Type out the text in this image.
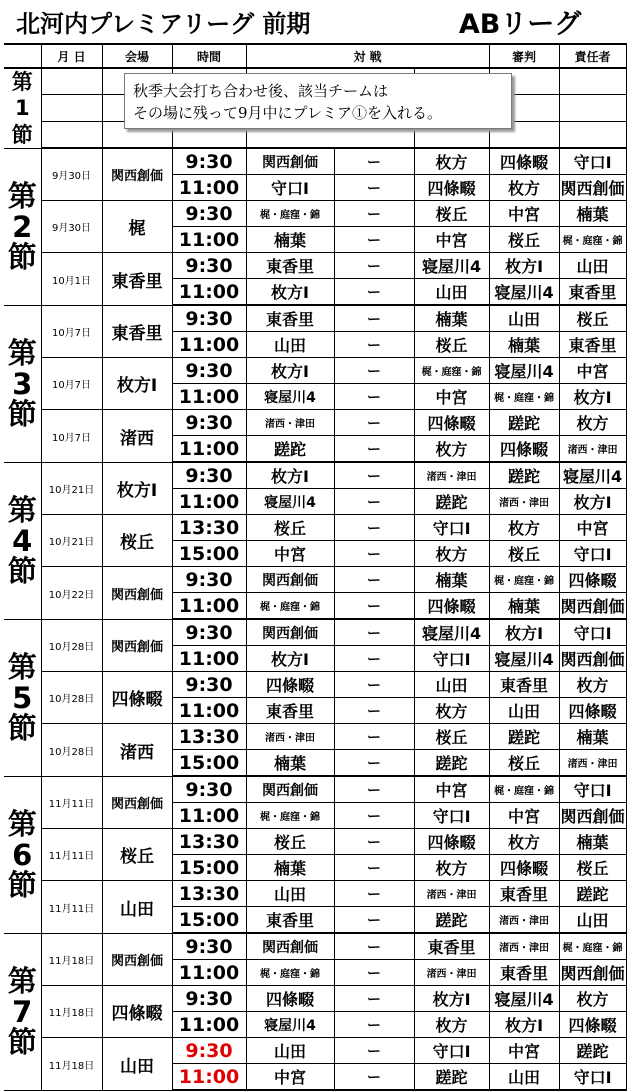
北河内プレミアリーグ 前期						ABリーグ		
	月 日	会場	時間	対 戦			審判	責任者
第
1
節								

第
2
節	9月30日	関西創価	9:30	関西創価	ー	枚方	四條畷	守口Ⅰ
			11:00	守口Ⅰ	ー	四條畷	枚方	関西創価
	9月30日	梶	9:30	梶・庭窪・錦	ー	桜丘	中宮	楠葉
			11:00	楠葉	ー	中宮	桜丘	梶・庭窪・錦
	10月1日	東香里	9:30	東香里	ー	寝屋川4	枚方Ⅰ	山田
			11:00	枚方Ⅰ	ー	山田	寝屋川4	東香里
第
3
節	10月7日	東香里	9:30	東香里	ー	楠葉	山田	桜丘
			11:00	山田	ー	桜丘	楠葉	東香里
	10月7日	枚方Ⅰ	9:30	枚方Ⅰ	ー	梶・庭窪・錦	寝屋川4	中宮
			11:00	寝屋川4	ー	中宮	梶・庭窪・錦	枚方Ⅰ
	10月7日	渚西	9:30	渚西・津田	ー	四條畷	蹉跎	枚方
			11:00	蹉跎	ー	枚方	四條畷	渚西・津田
第
4
節	10月21日	枚方Ⅰ	9:30	枚方Ⅰ	ー	渚西・津田	蹉跎	寝屋川4
			11:00	寝屋川4	ー	蹉跎	渚西・津田	枚方Ⅰ
	10月21日	桜丘	13:30	桜丘	ー	守口Ⅰ	枚方	中宮
			15:00	中宮	ー	枚方	桜丘	守口Ⅰ
	10月22日	関西創価	9:30	関西創価	ー	楠葉	梶・庭窪・錦	四條畷
			11:00	梶・庭窪・錦	ー	四條畷	楠葉	関西創価
第
5
節	10月28日	関西創価	9:30	関西創価	ー	寝屋川4	枚方Ⅰ	守口Ⅰ
			11:00	枚方Ⅰ	ー	守口Ⅰ	寝屋川4	関西創価
	10月28日	四條畷	9:30	四條畷	ー	山田	東香里	枚方
			11:00	東香里	ー	枚方	山田	四條畷
	10月28日	渚西	13:30	渚西・津田	ー	桜丘	蹉跎	楠葉
			15:00	楠葉	ー	蹉跎	桜丘	渚西・津田
第
6
節	11月11日	関西創価	9:30	関西創価	ー	中宮	梶・庭窪・錦	守口Ⅰ
			11:00	梶・庭窪・錦	ー	守口Ⅰ	中宮	関西創価
	11月11日	桜丘	13:30	桜丘	ー	四條畷	枚方	楠葉
			15:00	楠葉	ー	枚方	四條畷	桜丘
	11月11日	山田	13:30	山田	ー	渚西・津田	東香里	蹉跎
			15:00	東香里	ー	蹉跎	渚西・津田	山田
第
7
節	11月18日	関西創価	9:30	関西創価	ー	東香里	渚西・津田	梶・庭窪・錦
			11:00	梶・庭窪・錦	ー	渚西・津田	東香里	関西創価
	11月18日	四條畷	9:30	四條畷	ー	枚方Ⅰ	寝屋川4	枚方
			11:00	寝屋川4	ー	枚方	枚方Ⅰ	四條畷
	11月18日	山田	9:30	山田	ー	守口Ⅰ	中宮	蹉跎
			11:00	中宮	ー	蹉跎	山田	守口Ⅰ
秋季大会打ち合わせ後、該当チームは
その場に残って9月中にプレミア①を入れる。
